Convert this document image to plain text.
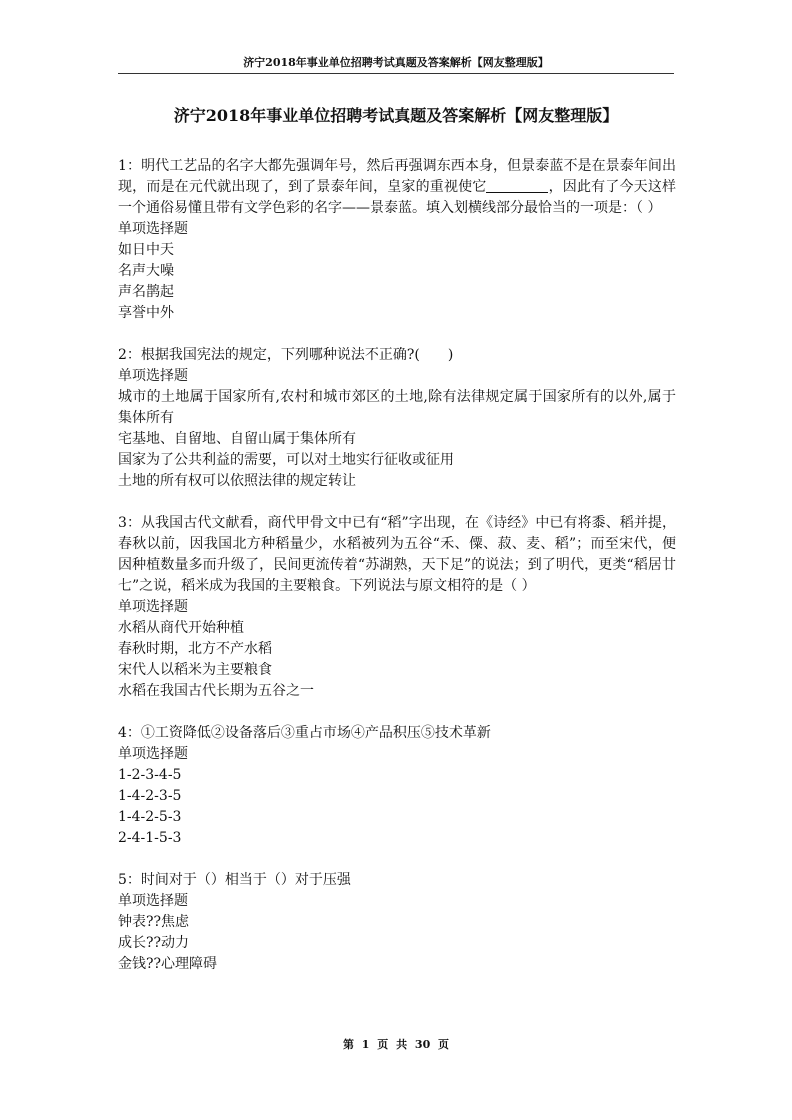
济宁2018年事业单位招聘考试真题及答案解析【网友整理版】
济宁2018年事业单位招聘考试真题及答案解析【网友整理版】
1：明代工艺品的名字大都先强调年号，然后再强调东西本身，但景泰蓝不是在景泰年间出现，而是在元代就出现了，到了景泰年间，皇家的重视使它	，因此有了今天这样一个通俗易懂且带有文学色彩的名字——景泰蓝。填入划横线部分最恰当的一项是：（ ）
单项选择题
如日中天
名声大噪
声名鹊起
享誉中外
2：根据我国宪法的规定，下列哪种说法不正确?(　　)
单项选择题
城市的土地属于国家所有,农村和城市郊区的土地,除有法律规定属于国家所有的以外,属于集体所有
宅基地、自留地、自留山属于集体所有
国家为了公共利益的需要，可以对土地实行征收或征用
土地的所有权可以依照法律的规定转让
3：从我国古代文献看，商代甲骨文中已有“稻”字出现，在《诗经》中已有将黍、稻并提，春秋以前，因我国北方种稻量少，水稻被列为五谷“禾、僳、菽、麦、稻”；而至宋代，便因种植数量多而升级了，民间更流传着“苏湖熟，天下足”的说法；到了明代，更类“稻居廿七”之说，稻米成为我国的主要粮食。下列说法与原文相符的是（ ）
单项选择题
水稻从商代开始种植
春秋时期，北方不产水稻
宋代人以稻米为主要粮食
水稻在我国古代长期为五谷之一
4：①工资降低②设备落后③重占市场④产品积压⑤技术革新
单项选择题
1-2-3-4-5
1-4-2-3-5
1-4-2-5-3
2-4-1-5-3
5：时间对于（）相当于（）对于压强
单项选择题
钟表??焦虑
成长??动力
金钱??心理障碍
第 1 页 共 30 页
